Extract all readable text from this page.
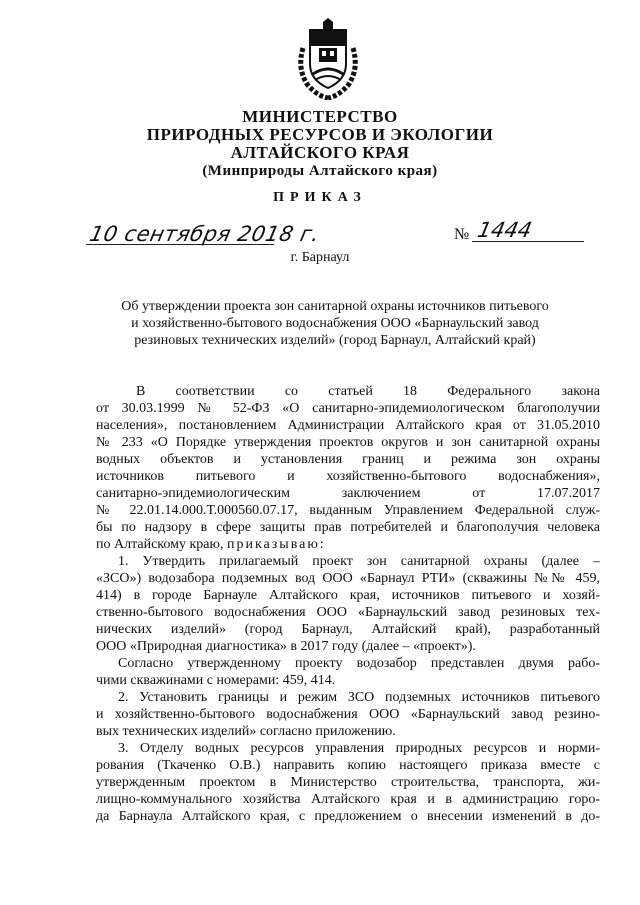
МИНИСТЕРСТВО
ПРИРОДНЫХ РЕСУРСОВ И ЭКОЛОГИИ
АЛТАЙСКОГО КРАЯ
(Минприроды Алтайского края)
ПРИКАЗ
10 сентября 2018 г.	№ 1444
г. Барнаул
Об утверждении проекта зон санитарной охраны источников питьевого
и хозяйственно-бытового водоснабжения ООО «Барнаульский завод
резиновых технических изделий» (город Барнаул, Алтайский край)
В соответствии со статьей 18 Федерального закона
от 30.03.1999 № 52-ФЗ «О санитарно-эпидемиологическом благополучии
населения», постановлением Администрации Алтайского края от 31.05.2010
№ 233 «О Порядке утверждения проектов округов и зон санитарной охраны
водных объектов и установления границ и режима зон охраны
источников питьевого и хозяйственно-бытового водоснабжения»,
санитарно-эпидемиологическим заключением от 17.07.2017
№ 22.01.14.000.Т.000560.07.17, выданным Управлением Федеральной служ-
бы по надзору в сфере защиты прав потребителей и благополучия человека
по Алтайскому краю, приказываю:
1. Утвердить прилагаемый проект зон санитарной охраны (далее –
«ЗСО») водозабора подземных вод ООО «Барнаул РТИ» (скважины №№ 459,
414) в городе Барнауле Алтайского края, источников питьевого и хозяй-
ственно-бытового водоснабжения ООО «Барнаульский завод резиновых тех-
нических изделий» (город Барнаул, Алтайский край), разработанный
ООО «Природная диагностика» в 2017 году (далее – «проект»).
Согласно утвержденному проекту водозабор представлен двумя рабо-
чими скважинами с номерами: 459, 414.
2. Установить границы и режим ЗСО подземных источников питьевого
и хозяйственно-бытового водоснабжения ООО «Барнаульский завод резино-
вых технических изделий» согласно приложению.
3. Отделу водных ресурсов управления природных ресурсов и норми-
рования (Ткаченко О.В.) направить копию настоящего приказа вместе с
утвержденным проектом в Министерство строительства, транспорта, жи-
лищно-коммунального хозяйства Алтайского края и в администрацию горо-
да Барнаула Алтайского края, с предложением о внесении изменений в до-
